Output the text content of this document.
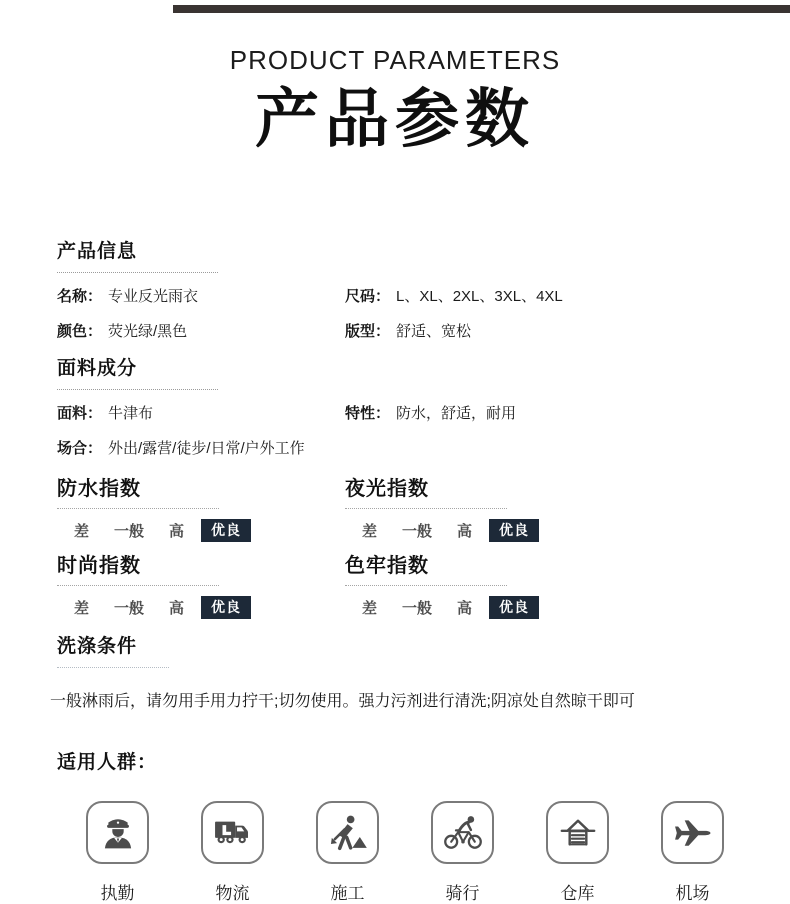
PRODUCT PARAMETERS
产品参数
产品信息
名称： 专业反光雨衣	尺码： L、XL、2XL、3XL、4XL
颜色： 荧光绿/黑色	版型： 舒适、宽松
面料成分
面料： 牛津布	特性： 防水，舒适，耐用
场合： 外出/露营/徒步/日常/户外工作
防水指数
差 一般 高	优良
夜光指数
差 一般 高	优良
时尚指数
差 一般 高	优良
色牢指数
差 一般 高	优良
洗涤条件
一般淋雨后，请勿用手用力拧干;切勿使用。强力污剂进行清洗;阴凉处自然晾干即可
适用人群：
执勤	物流	施工	骑行	仓库	机场
